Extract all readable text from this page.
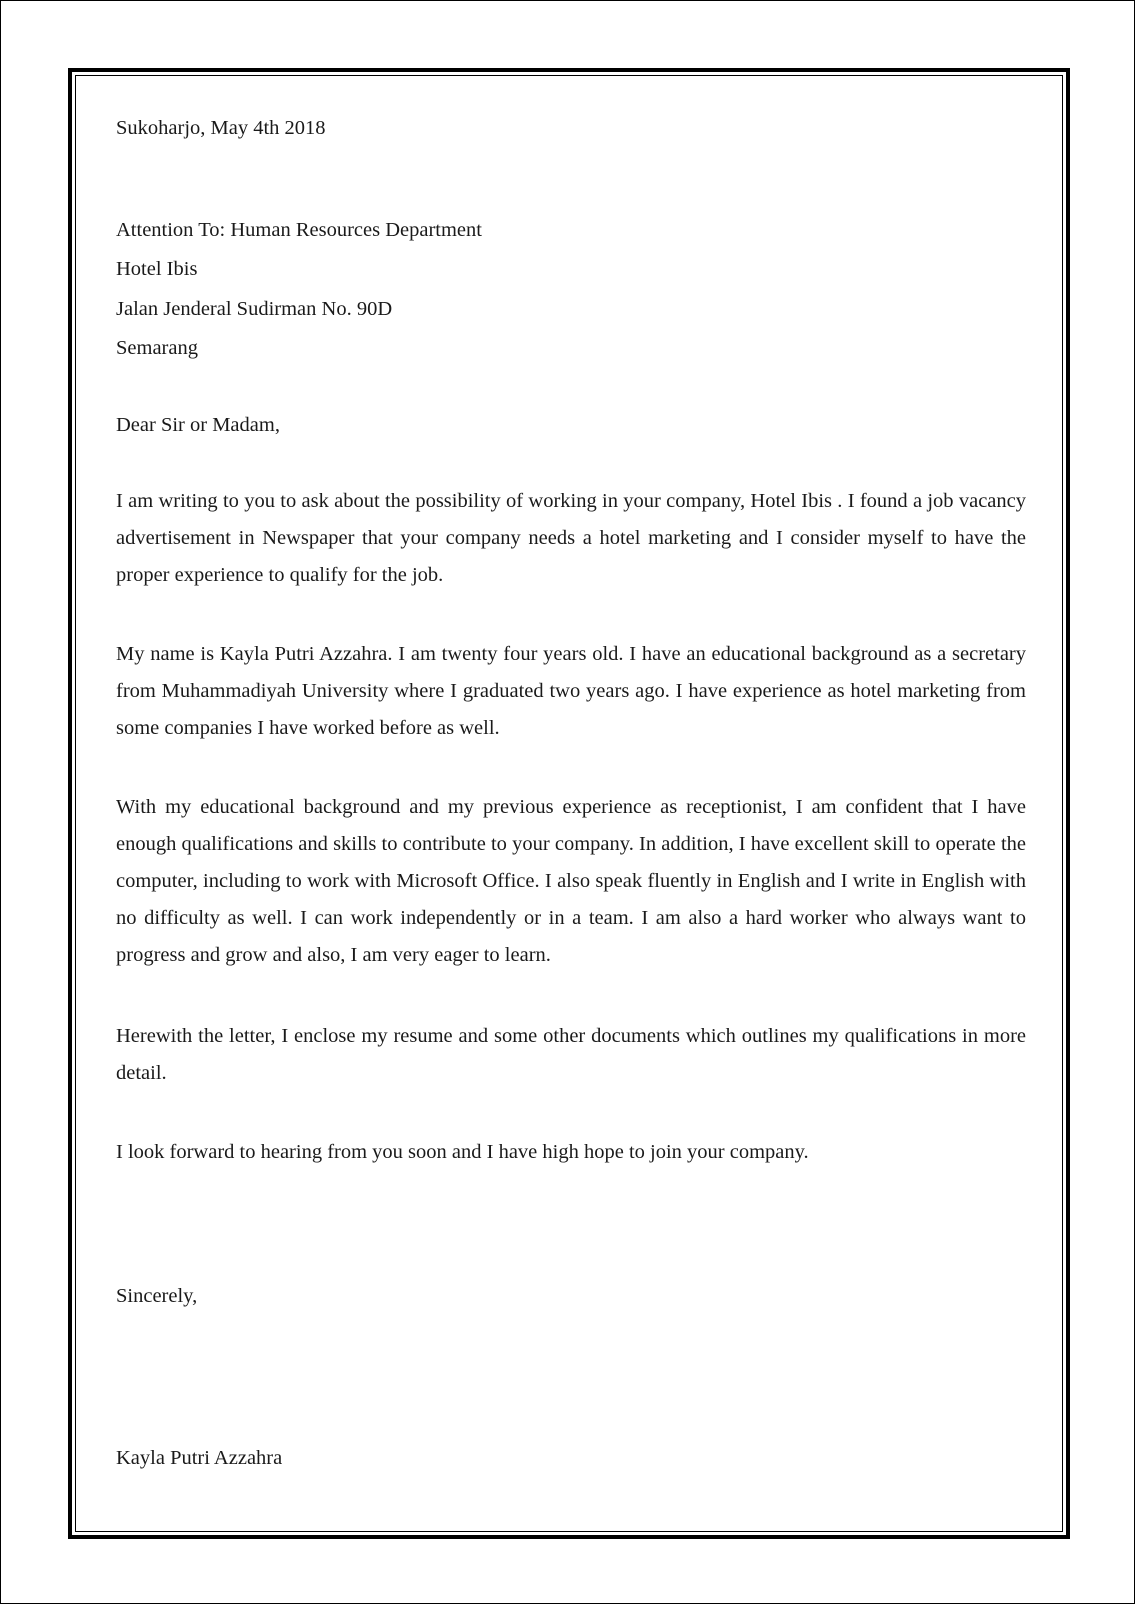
Sukoharjo, May 4th 2018
Attention To: Human Resources Department
Hotel Ibis
Jalan Jenderal Sudirman No. 90D
Semarang
Dear Sir or Madam,
I am writing to you to ask about the possibility of working in your company, Hotel Ibis . I found a job vacancy advertisement in Newspaper that your company needs a hotel marketing and I consider myself to have the proper experience to qualify for the job.
My name is Kayla Putri Azzahra. I am twenty four years old. I have an educational background as a secretary from Muhammadiyah University where I graduated two years ago. I have experience as hotel marketing from some companies I have worked before as well.
With my educational background and my previous experience as receptionist, I am confident that I have enough qualifications and skills to contribute to your company. In addition, I have excellent skill to operate the computer, including to work with Microsoft Office. I also speak fluently in English and I write in English with no difficulty as well. I can work independently or in a team. I am also a hard worker who always want to progress and grow and also, I am very eager to learn.
Herewith the letter, I enclose my resume and some other documents which outlines my qualifications in more detail.
I look forward to hearing from you soon and I have high hope to join your company.
Sincerely,
Kayla Putri Azzahra
